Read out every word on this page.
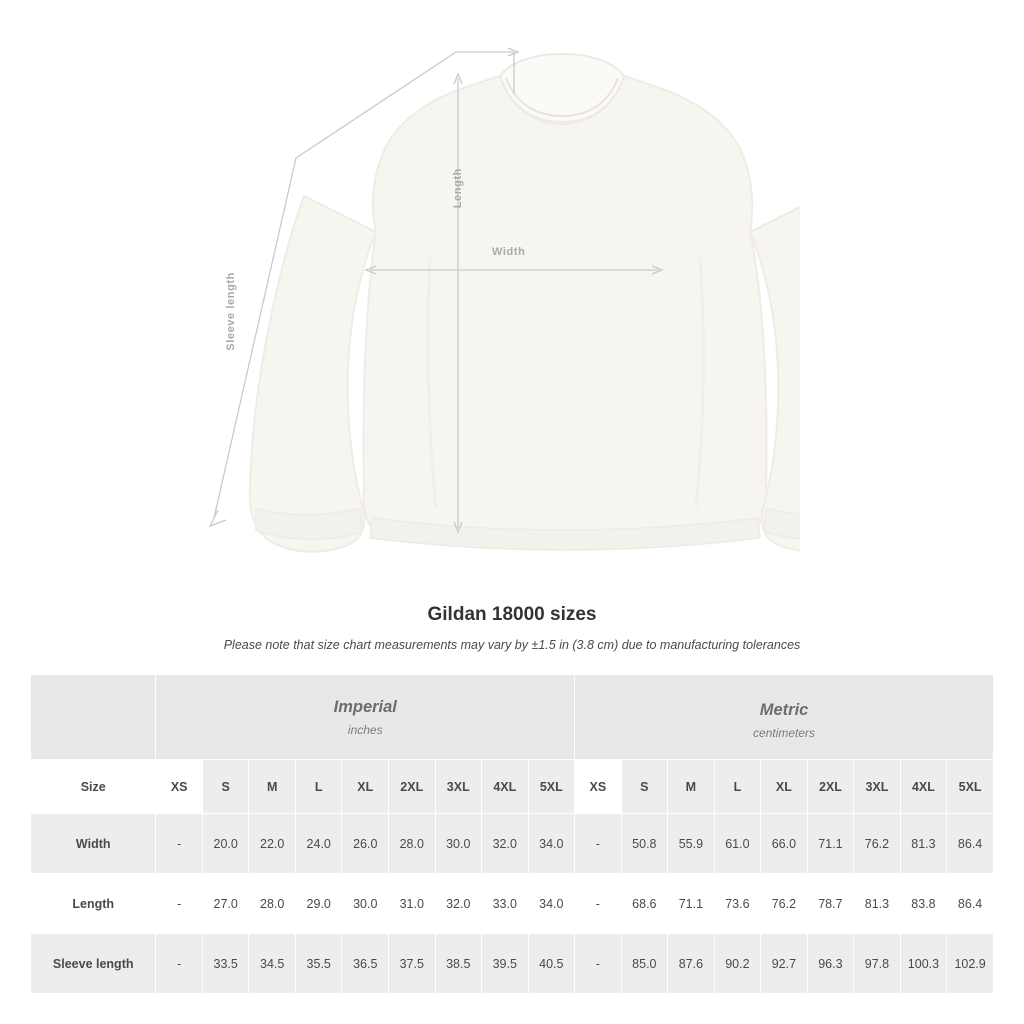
Length
Width
Sleeve length
Gildan 18000 sizes
Please note that size chart measurements may vary by ±1.5 in (3.8 cm) due to manufacturing tolerances

	Imperial
inches									Metric
centimeters								

Size	XS	S	M	L	XL	2XL	3XL	4XL	5XL	XS	S	M	L	XL	2XL	3XL	4XL	5XL
Width	-	20.0	22.0	24.0	26.0	28.0	30.0	32.0	34.0	-	50.8	55.9	61.0	66.0	71.1	76.2	81.3	86.4
Length	-	27.0	28.0	29.0	30.0	31.0	32.0	33.0	34.0	-	68.6	71.1	73.6	76.2	78.7	81.3	83.8	86.4
Sleeve length	-	33.5	34.5	35.5	36.5	37.5	38.5	39.5	40.5	-	85.0	87.6	90.2	92.7	96.3	97.8	100.3	102.9
